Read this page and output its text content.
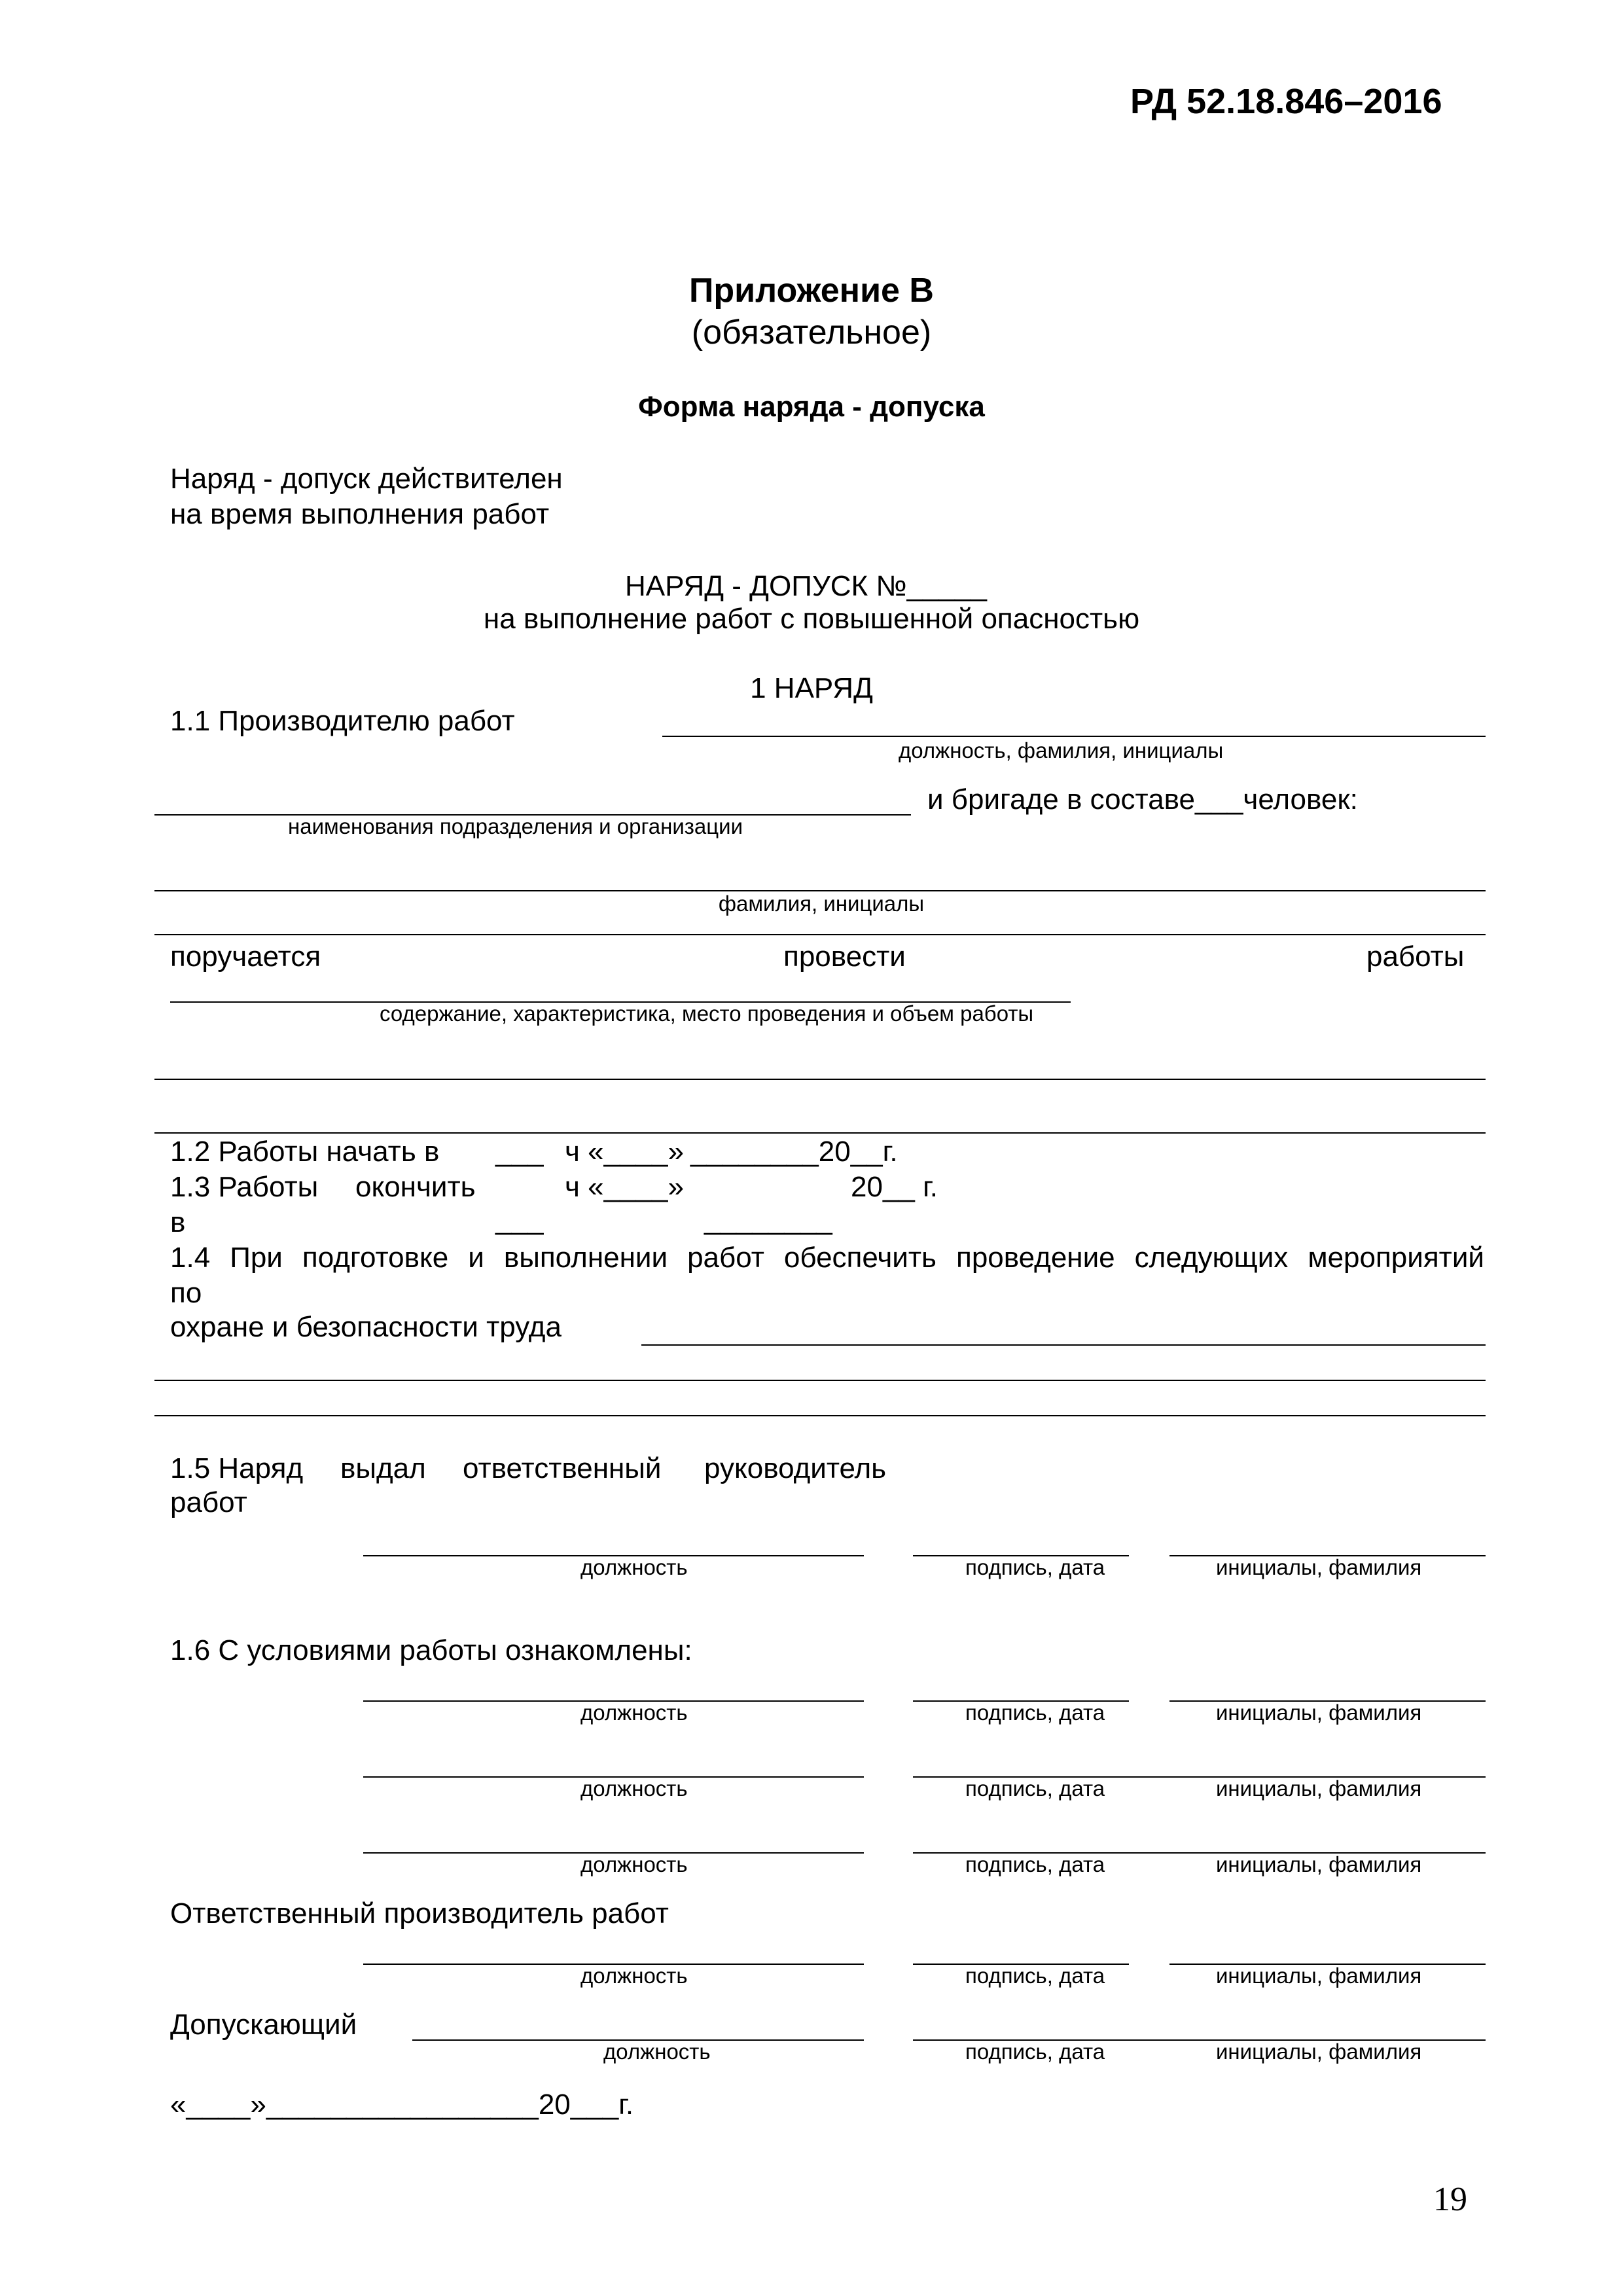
РД 52.18.846–2016
Приложение В
(обязательное)
Форма наряда - допуска
Наряд - допуск действителен
на время выполнения работ
НАРЯД - ДОПУСК №_____
на выполнение работ с повышенной опасностью
1 НАРЯД
1.1 Производителю работ
должность, фамилия, инициалы
и бригаде в составе___человек:
наименования подразделения и организации
фамилия, инициалы
поручается	провести	работы
содержание, характеристика, место проведения и объем работы
1.2 Работы начать в ___ ч «____» ________20__г.
1.3 Работы окончить	ч «____»	20__ г.
в	___	________
1.4 При подготовке и выполнении работ обеспечить проведение следующих мероприятий
по
охране и безопасности труда
1.5 Наряд выдал ответственный руководитель
работ
должность	подпись, дата	инициалы, фамилия
1.6 С условиями работы ознакомлены:
должность	подпись, дата	инициалы, фамилия
должность	подпись, дата	инициалы, фамилия
должность	подпись, дата	инициалы, фамилия
Ответственный производитель работ
должность	подпись, дата	инициалы, фамилия
Допускающий
должность	подпись, дата	инициалы, фамилия
«____»_________________20___г.
19
